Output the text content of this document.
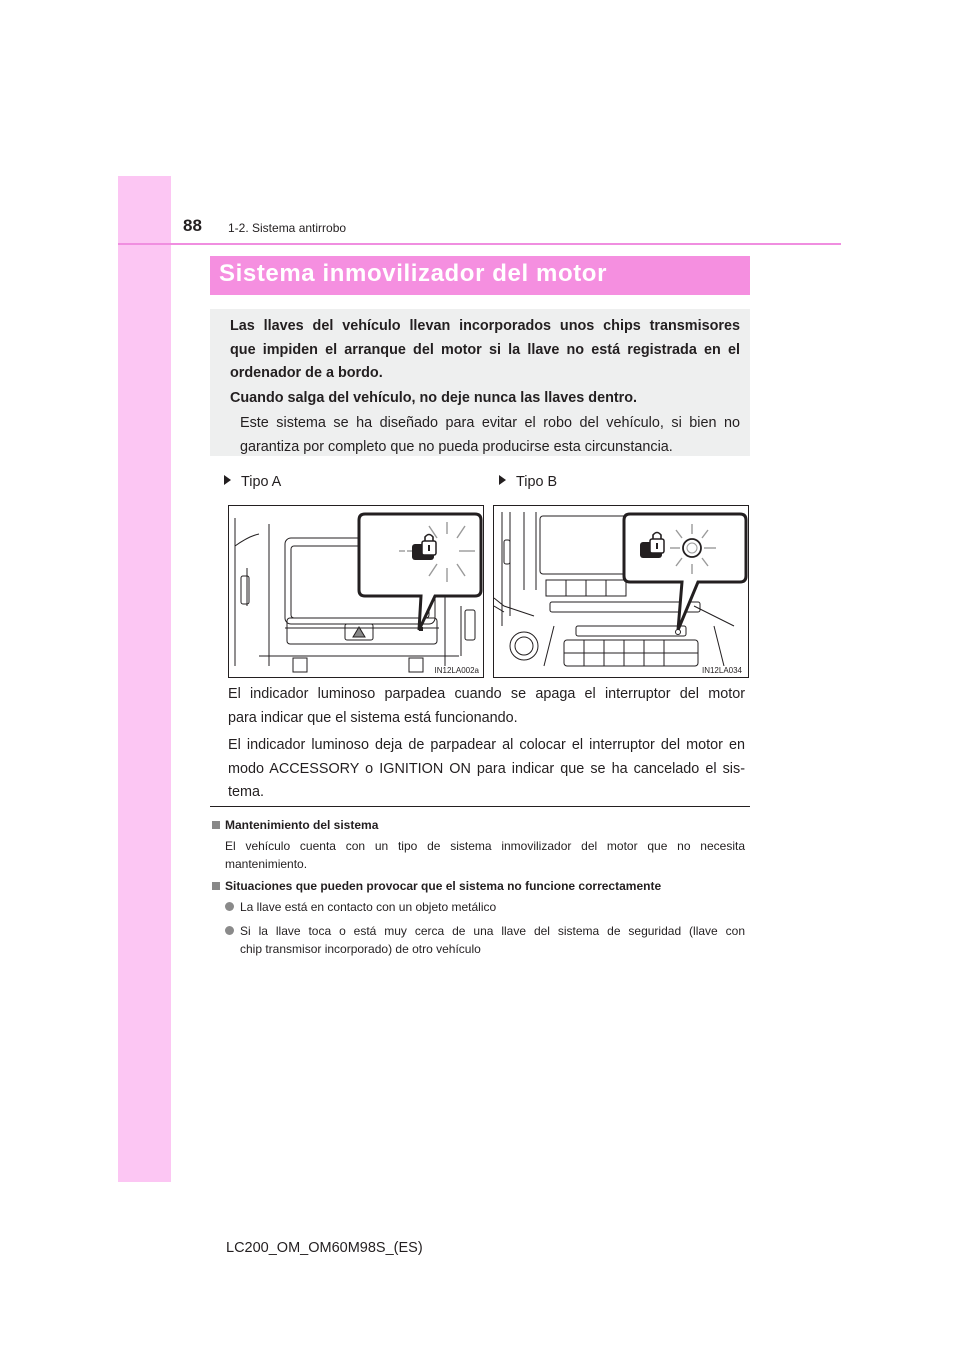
88 1-2. Sistema antirrobo
Sistema inmovilizador del motor

Las llaves del vehículo llevan incorporados unos chips transmisores
que impiden el arranque del motor si la llave no está registrada en el
ordenador de a bordo.

Cuando salga del vehículo, no deje nunca las llaves dentro.

Este sistema se ha diseñado para evitar el robo del vehículo, si bien no
garantiza por completo que no pueda producirse esta circunstancia.

Tipo A	Tipo B
IN12LA002a	IN12LA034
El indicador luminoso parpadea cuando se apaga el interruptor del motor
para indicar que el sistema está funcionando.
El indicador luminoso deja de parpadear al colocar el interruptor del motor en
modo ACCESSORY o IGNITION ON para indicar que se ha cancelado el sis-
tema.
Mantenimiento del sistema
El vehículo cuenta con un tipo de sistema inmovilizador del motor que no necesita
mantenimiento.
Situaciones que pueden provocar que el sistema no funcione correctamente
La llave está en contacto con un objeto metálico
Si la llave toca o está muy cerca de una llave del sistema de seguridad (llave con
chip transmisor incorporado) de otro vehículo
LC200_OM_OM60M98S_(ES)
